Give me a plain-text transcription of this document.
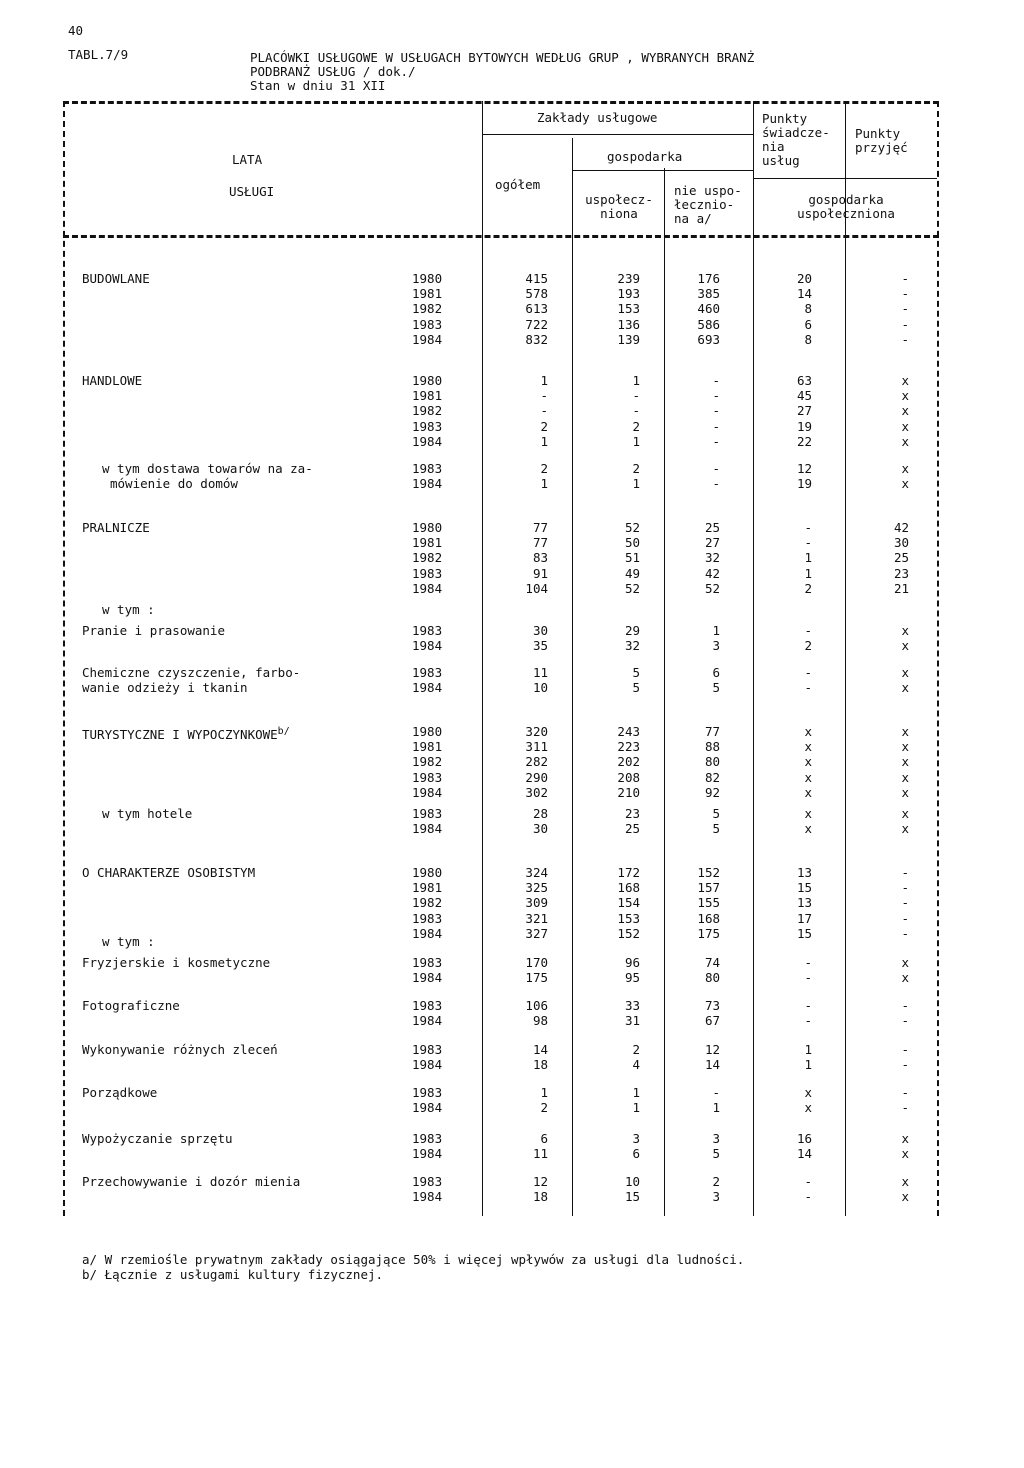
40
TABL.7/9	PLACÓWKI USŁUGOWE W USŁUGACH BYTOWYCH WEDŁUG GRUP , WYBRANYCH BRANŻ
PODBRANŻ USŁUG / dok./
Stan w dniu 31 XII
LATA
USŁUGI
Zakłady usługowe
gospodarka
ogółem
uspołecz-
niona
nie uspo-
łecznio-
na a/
Punkty
świadcze-
nia
usług
Punkty
przyjęć
gospodarka
uspołeczniona
BUDOWLANE	1980	415	239	176	20	-
1981	578	193	385	14	-
1982	613	153	460	8	-
1983	722	136	586	6	-
1984	832	139	693	8	-
HANDLOWE	1980	1	1	-	63	x
1981	-	-	-	45	x
1982	-	-	-	27	x
1983	2	2	-	19	x
1984	1	1	-	22	x
w tym dostawa towarów na za-
mówienie do domów
1983	2	2	-	12	x
1984	1	1	-	19	x
PRALNICZE	1980	77	52	25	-	42
1981	77	50	27	-	30
1982	83	51	32	1	25
1983	91	49	42	1	23
1984	104	52	52	2	21
w tym :
Pranie i prasowanie	1983	30	29	1	-	x
1984	35	32	3	2	x
Chemiczne czyszczenie, farbo-
wanie odzieży i tkanin
1983	11	5	6	-	x
1984	10	5	5	-	x
TURYSTYCZNE I $WYPOCZYNKOWE^{b/}$	1980	320	243	77	x	x
1981	311	223	88	x	x
1982	282	202	80	x	x
1983	290	208	82	x	x
1984	302	210	92	x	x
w tym hotele	1983	28	23	5	x	x
1984	30	25	5	x	x
O CHARAKTERZE OSOBISTYM	1980	324	172	152	13	-
1981	325	168	157	15	-
1982	309	154	155	13	-
1983	321	153	168	17	-
1984	327	152	175	15	-
Fryzjerskie i kosmetyczne	1983	170	96	74	-	x
1984	175	95	80	-	x
Fotograficzne	1983	106	33	73	-	-
1984	98	31	67	-	-
Wykonywanie różnych zleceń	1983	14	2	12	1	-
1984	18	4	14	1	-
Porządkowe	1983	1	1	-	x	-
1984	2	1	1	x	-
Wypożyczanie sprzętu	1983	6	3	3	16	x
1984	11	6	5	14	x
Przechowywanie i dozór mienia	1983	12	10	2	-	x
1984	18	15	3	-	x
w tym :
a/ W rzemiośle prywatnym zakłady osiągające 50% i więcej wpływów za usługi dla ludności.
b/ Łącznie z usługami kultury fizycznej.
